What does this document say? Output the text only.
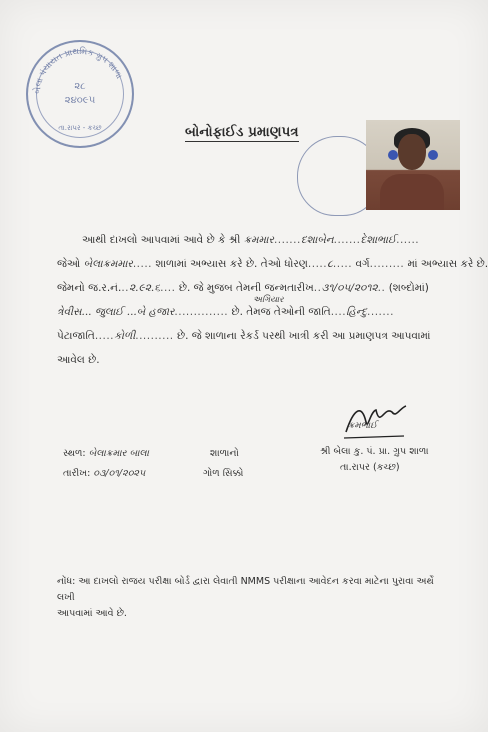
બેલા પંચાયત પ્રાથમિક ગ્રુપ શાળા
૨૮
૨૪૦૯૫
તા.રાપર - કચ્છ	બોનોફાઈડ પ્રમાણપત્ર
આથી દાખલો આપવામાં આવે છે કે શ્રી ક્રમમાર.......દશાબેન.......દેશાભાઈ......
જેઓ બેલાક્રમમાર..... શાળામાં અભ્યાસ કરે છે. તેઓ ધોરણ.....૮..... વર્ગ......... માં અભ્યાસ કરે છે.
જેમનો જ.ર.નં...૨.૯૨.૬.... છે. જે મુજબ તેમની જન્મતારીખ..૩૧/૦૫/૨૦૧૨.. (શબ્દોમાં)
અગિયાર
ત્રેવીસ... જુલાઈ ...બે હજાર.............. છે. તેમજ તેઓની જાતિ....હિન્દુ.......
પેટાજાતિ.....કોળી.......... છે. જે શાળાના રેકર્ડ પરથી ખાત્રી કરી આ પ્રમાણપત્ર આપવામાં
આવેલ છે.
ક્રમભાઈ
શ્રી બેલા કુ. પં. પ્રા. ગ્રુપ શાળા
તા.રાપર (કચ્છ)
સ્થળ: બેલાક્રમાર બાલા	શાળાનો
તારીખ: ૦૩/૦૧/૨૦૨૫	ગોળ સિક્કો
નોંધ: આ દાખલો રાજય પરીક્ષા બોર્ડ દ્વારા લેવાતી NMMS પરીક્ષાના આવેદન કરવા માટેના પુરાવા અર્થે લખી
આપવામાં આવે છે.
